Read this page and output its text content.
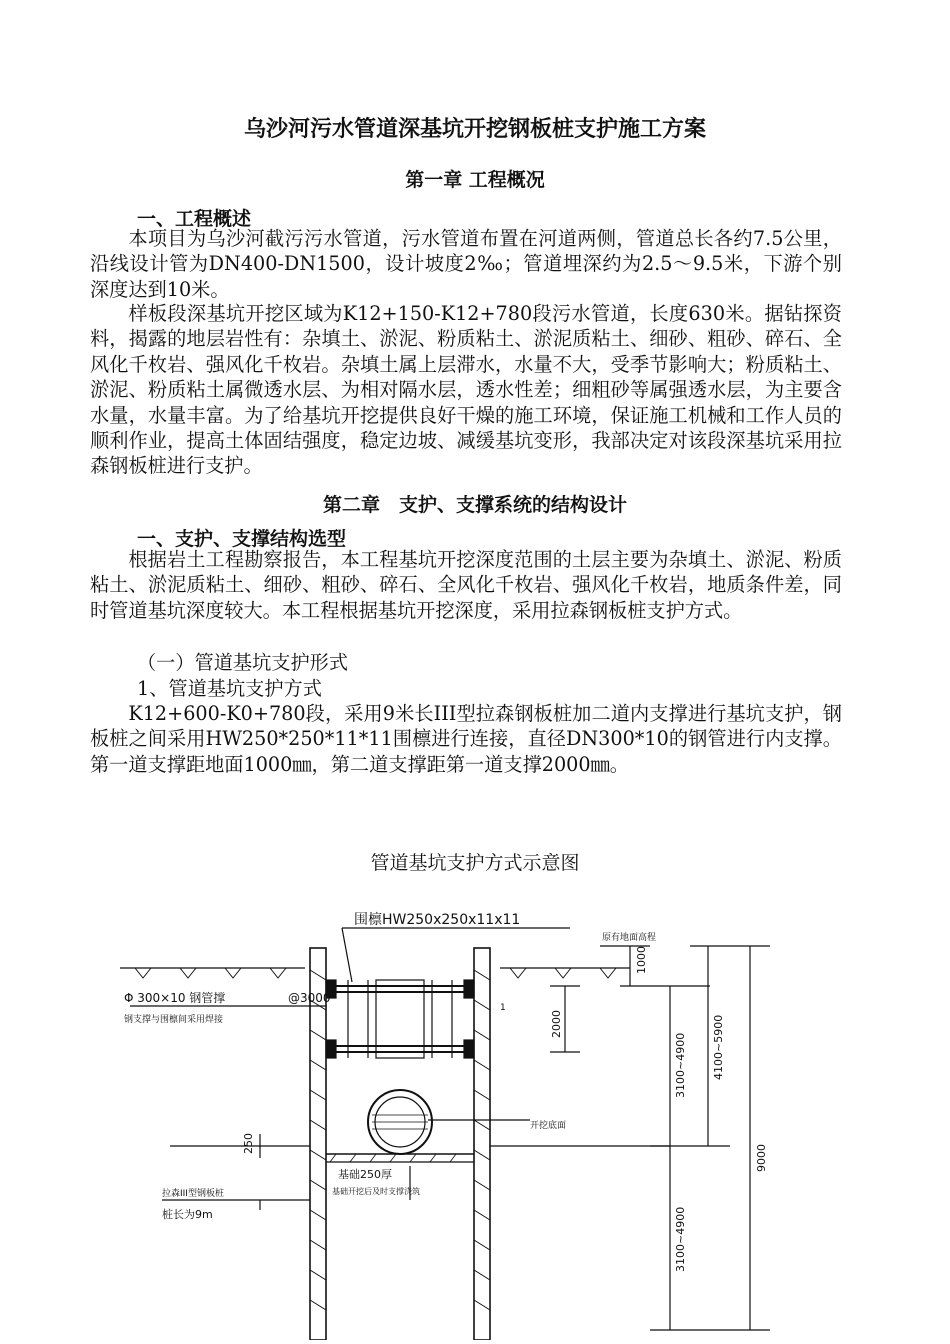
乌沙河污水管道深基坑开挖钢板桩支护施工方案
第一章 工程概况
一、工程概述

本项目为乌沙河截污污水管道，污水管道布置在河道两侧，管道总长各约7.5公里，沿线设计管为DN400-DN1500，设计坡度2‰；管道埋深约为2.5～9.5米，下游个别深度达到10米。

样板段深基坑开挖区域为K12+150-K12+780段污水管道，长度630米。据钻探资料，揭露的地层岩性有：杂填土、淤泥、粉质粘土、淤泥质粘土、细砂、粗砂、碎石、全风化千枚岩、强风化千枚岩。杂填土属上层滞水，水量不大，受季节影响大；粉质粘土、淤泥、粉质粘土属微透水层、为相对隔水层，透水性差；细粗砂等属强透水层，为主要含水量，水量丰富。为了给基坑开挖提供良好干燥的施工环境，保证施工机械和工作人员的顺利作业，提高土体固结强度，稳定边坡、减缓基坑变形，我部决定对该段深基坑采用拉森钢板桩进行支护。

第二章　支护、支撑系统的结构设计
一、支护、支撑结构选型

根据岩土工程勘察报告，本工程基坑开挖深度范围的土层主要为杂填土、淤泥、粉质粘土、淤泥质粘土、细砂、粗砂、碎石、全风化千枚岩、强风化千枚岩，地质条件差，同时管道基坑深度较大。本工程根据基坑开挖深度，采用拉森钢板桩支护方式。

（一）管道基坑支护形式
1、管道基坑支护方式

K12+600-K0+780段，采用9米长III型拉森钢板桩加二道内支撑进行基坑支护，钢板桩之间采用HW250*250*11*11围檩进行连接，直径DN300*10的钢管进行内支撑。第一道支撑距地面1000㎜，第二道支撑距第一道支撑2000㎜。

管道基坑支护方式示意图
围檩HW250x250x11x11
原有地面高程
Φ 300×10 钢管撑	@3000
钢支撑与围檩间采用焊接
开挖底面
基础250厚
基础开挖后及时支撑浇筑
拉森III型钢板桩
桩长为9m
1
1000
2000
3100~4900 4100~5900
9000
3100~4900
250
